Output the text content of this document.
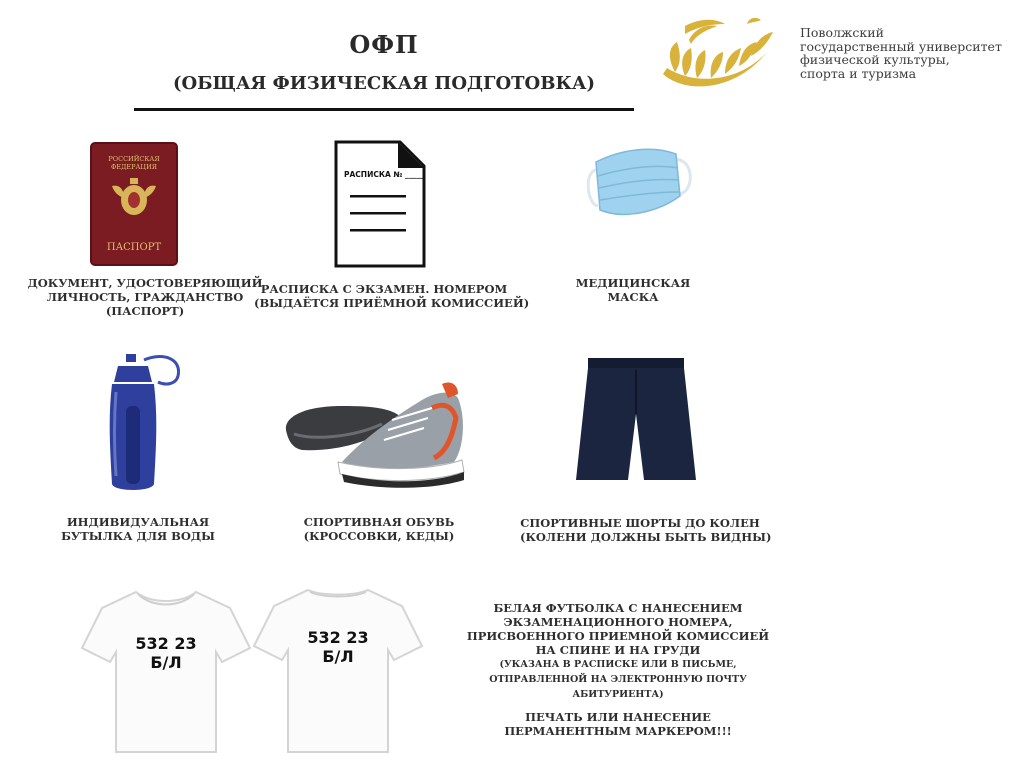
ОФП
(ОБЩАЯ ФИЗИЧЕСКАЯ ПОДГОТОВКА)
Поволжский
государственный университет
физической культуры,
спорта и туризма
РОССИЙСКАЯ
ФЕДЕРАЦИЯ
ПАСПОРТ
РАСПИСКА № _____
ДОКУМЕНТ, УДОСТОВЕРЯЮЩИЙ
ЛИЧНОСТЬ, ГРАЖДАНСТВО
(ПАСПОРТ)
РАСПИСКА С ЭКЗАМЕН. НОМЕРОМ
(ВЫДАЁТСЯ ПРИЁМНОЙ КОМИССИЕЙ)
МЕДИЦИНСКАЯ
МАСКА
ИНДИВИДУАЛЬНАЯ
БУТЫЛКА ДЛЯ ВОДЫ
СПОРТИВНАЯ ОБУВЬ
(КРОССОВКИ, КЕДЫ)
СПОРТИВНЫЕ ШОРТЫ ДО КОЛЕН
(КОЛЕНИ ДОЛЖНЫ БЫТЬ ВИДНЫ)
532 23
Б/Л
532 23
Б/Л
БЕЛАЯ ФУТБОЛКА С НАНЕСЕНИЕМ
ЭКЗАМЕНАЦИОННОГО НОМЕРА,
ПРИСВОЕННОГО ПРИЕМНОЙ КОМИССИЕЙ
НА СПИНЕ И НА ГРУДИ
(УКАЗАНА В РАСПИСКЕ ИЛИ В ПИСЬМЕ,
ОТПРАВЛЕННОЙ НА ЭЛЕКТРОННУЮ ПОЧТУ
АБИТУРИЕНТА)
ПЕЧАТЬ ИЛИ НАНЕСЕНИЕ
ПЕРМАНЕНТНЫМ МАРКЕРОМ!!!
